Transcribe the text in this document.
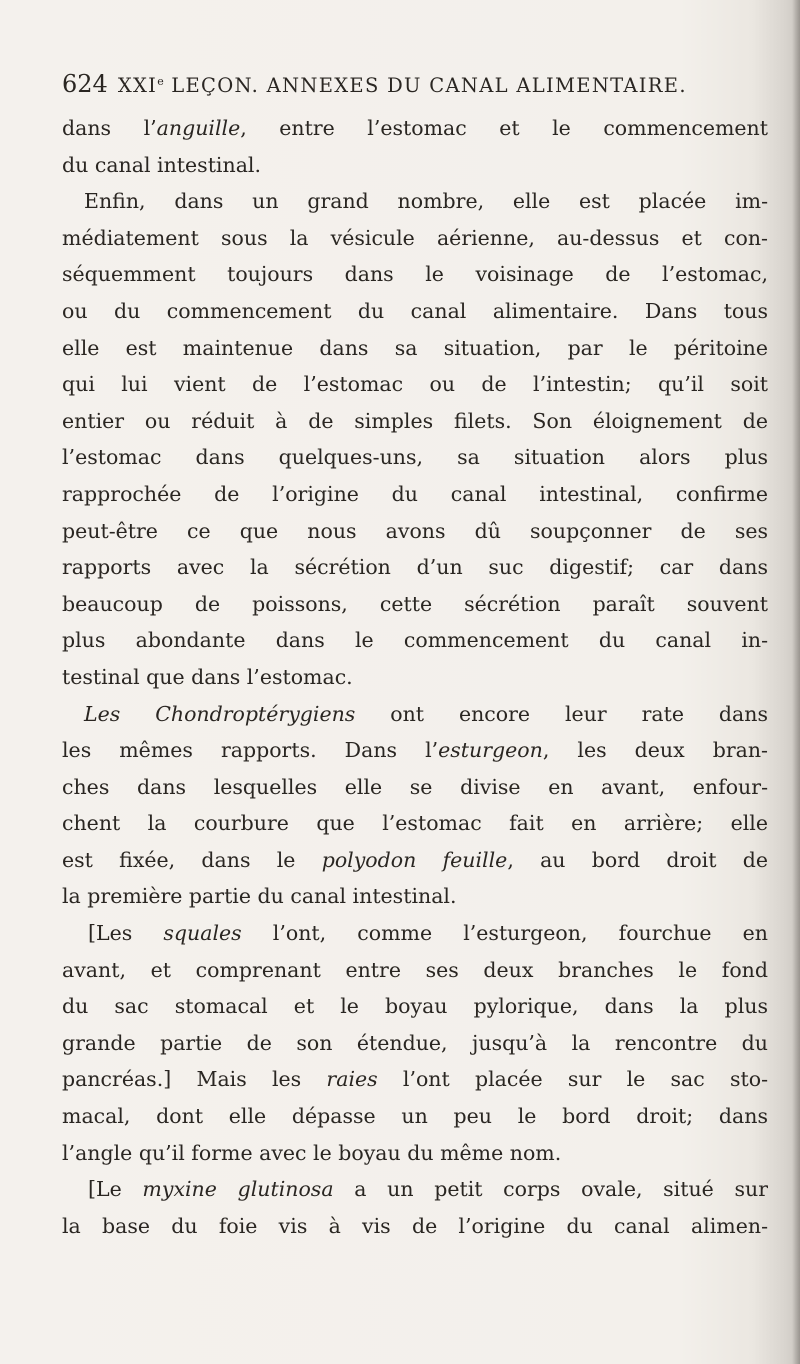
624 XXIe LEÇON. ANNEXES DU CANAL ALIMENTAIRE.
dans l’anguille, entre l’estomac et le commencement
du canal intestinal.
Enfin, dans un grand nombre, elle est placée im-
médiatement sous la vésicule aérienne, au-dessus et con-
séquemment toujours dans le voisinage de l’estomac,
ou du commencement du canal alimentaire. Dans tous
elle est maintenue dans sa situation, par le péritoine
qui lui vient de l’estomac ou de l’intestin; qu’il soit
entier ou réduit à de simples filets. Son éloignement de
l’estomac dans quelques-uns, sa situation alors plus
rapprochée de l’origine du canal intestinal, confirme
peut-être ce que nous avons dû soupçonner de ses
rapports avec la sécrétion d’un suc digestif; car dans
beaucoup de poissons, cette sécrétion paraît souvent
plus abondante dans le commencement du canal in-
testinal que dans l’estomac.
Les Chondroptérygiens ont encore leur rate dans
les mêmes rapports. Dans l’esturgeon, les deux bran-
ches dans lesquelles elle se divise en avant, enfour-
chent la courbure que l’estomac fait en arrière; elle
est fixée, dans le polyodon feuille, au bord droit de
la première partie du canal intestinal.
[Les squales l’ont, comme l’esturgeon, fourchue en
avant, et comprenant entre ses deux branches le fond
du sac stomacal et le boyau pylorique, dans la plus
grande partie de son étendue, jusqu’à la rencontre du
pancréas.] Mais les raies l’ont placée sur le sac sto-
macal, dont elle dépasse un peu le bord droit; dans
l’angle qu’il forme avec le boyau du même nom.
[Le myxine glutinosa a un petit corps ovale, situé sur
la base du foie vis à vis de l’origine du canal alimen-
